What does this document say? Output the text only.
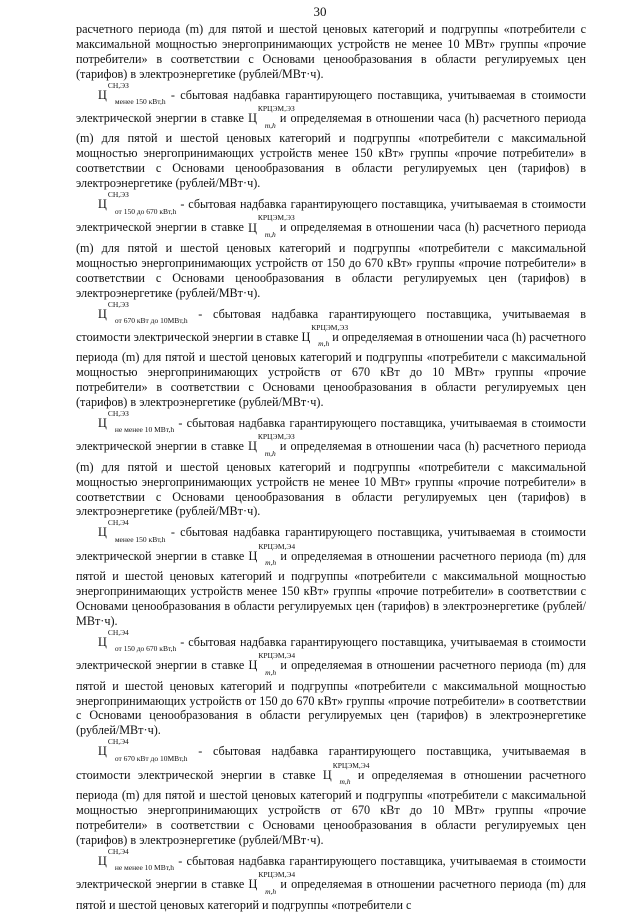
30

расчетного периода (m) для пятой и шестой ценовых категорий и подгруппы «потребители с максимальной мощностью энергопринимающих устройств не менее 10 МВт» группы «прочие потребители» в соответствии с Основами ценообразования в области регулируемых цен (тарифов) в электроэнергетике (рублей/МВт·ч).

$Ц^{СН,ЭЗ}_{менее 150 кВт,h}$ - сбытовая надбавка гарантирующего поставщика, учитываемая в стоимости электрической энергии в ставке $Ц^{КРЦЭМ,ЭЗ}_{m,h}$ и определяемая в отношении часа (h) расчетного периода (m) для пятой и шестой ценовых категорий и подгруппы «потребители с максимальной мощностью энергопринимающих устройств менее 150 кВт» группы «прочие потребители» в соответствии с Основами ценообразования в области регулируемых цен (тарифов) в электроэнергетике (рублей/МВт·ч).

$Ц^{СН,ЭЗ}_{от 150 до 670 кВт,h}$ - сбытовая надбавка гарантирующего поставщика, учитываемая в стоимости электрической энергии в ставке $Ц^{КРЦЭМ,ЭЗ}_{m,h}$ и определяемая в отношении часа (h) расчетного периода (m) для пятой и шестой ценовых категорий и подгруппы «потребители с максимальной мощностью энергопринимающих устройств от 150 до 670 кВт» группы «прочие потребители» в соответствии с Основами ценообразования в области регулируемых цен (тарифов) в электроэнергетике (рублей/МВт·ч).

$Ц^{СН,ЭЗ}_{от 670 кВт до 10МВт,h}$ - сбытовая надбавка гарантирующего поставщика, учитываемая в стоимости электрической энергии в ставке $Ц^{КРЦЭМ,ЭЗ}_{m,h}$ и определяемая в отношении часа (h) расчетного периода (m) для пятой и шестой ценовых категорий и подгруппы «потребители с максимальной мощностью энергопринимающих устройств от 670 кВт до 10 МВт» группы «прочие потребители» в соответствии с Основами ценообразования в области регулируемых цен (тарифов) в электроэнергетике (рублей/МВт·ч).

$Ц^{СН,ЭЗ}_{не менее 10 МВт,h}$ - сбытовая надбавка гарантирующего поставщика, учитываемая в стоимости электрической энергии в ставке $Ц^{КРЦЭМ,ЭЗ}_{m,h}$ и определяемая в отношении часа (h) расчетного периода (m) для пятой и шестой ценовых категорий и подгруппы «потребители с максимальной мощностью энергопринимающих устройств не менее 10 МВт» группы «прочие потребители» в соответствии с Основами ценообразования в области регулируемых цен (тарифов) в электроэнергетике (рублей/МВт·ч).

$Ц^{СН,Э4}_{менее 150 кВт,h}$ - сбытовая надбавка гарантирующего поставщика, учитываемая в стоимости электрической энергии в ставке $Ц^{КРЦЭМ,Э4}_{m,h}$ и определяемая в отношении расчетного периода (m) для пятой и шестой ценовых категорий и подгруппы «потребители с максимальной мощностью энергопринимающих устройств менее 150 кВт» группы «прочие потребители» в соответствии с Основами ценообразования в области регулируемых цен (тарифов) в электроэнергетике (рублей/МВт·ч).

$Ц^{СН,Э4}_{от 150 до 670 кВт,h}$ - сбытовая надбавка гарантирующего поставщика, учитываемая в стоимости электрической энергии в ставке $Ц^{КРЦЭМ,Э4}_{m,h}$ и определяемая в отношении расчетного периода (m) для пятой и шестой ценовых категорий и подгруппы «потребители с максимальной мощностью энергопринимающих устройств от 150 до 670 кВт» группы «прочие потребители» в соответствии с Основами ценообразования в области регулируемых цен (тарифов) в электроэнергетике (рублей/МВт·ч).

$Ц^{СН,Э4}_{от 670 кВт до 10МВт,h}$ - сбытовая надбавка гарантирующего поставщика, учитываемая в стоимости электрической энергии в ставке $Ц^{КРЦЭМ,Э4}_{m,h}$ и определяемая в отношении расчетного периода (m) для пятой и шестой ценовых категорий и подгруппы «потребители с максимальной мощностью энергопринимающих устройств от 670 кВт до 10 МВт» группы «прочие потребители» в соответствии с Основами ценообразования в области регулируемых цен (тарифов) в электроэнергетике (рублей/МВт·ч).

$Ц^{СН,Э4}_{не менее 10 МВт,h}$ - сбытовая надбавка гарантирующего поставщика, учитываемая в стоимости электрической энергии в ставке $Ц^{КРЦЭМ,Э4}_{m,h}$ и определяемая в отношении расчетного периода (m) для пятой и шестой ценовых категорий и подгруппы «потребители с
